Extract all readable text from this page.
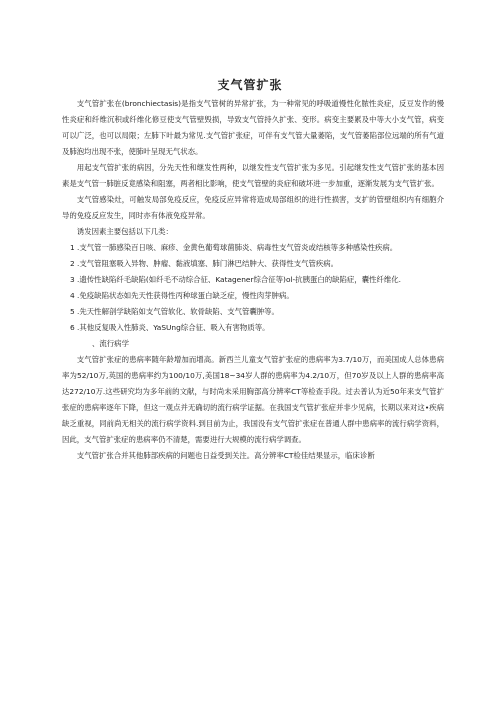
支气管扩张

支气管扩张在(bronchiectasis)是指支气管树的异常扩张，为一种常见的呼吸道慢性化脓性炎症，反豆发作的慢性炎症和纤维沉积或纤维化修豆使支气管壁毁损，导致支气管持久扩张、变形。病变主要累及中等大小支气管，病变可以广泛，也可以局限；左肺下叶最为常见.支气管扩张症，可伴有支气管大量萎陷，支气管萎陷部位远端的所有气道及肺泡均出现不张，使肺叶呈现无气状态。

用起支气管扩张的病因，分先天性和继发性两种，以继发性支气管扩张为多见。引起继发性支气管扩张的基本因素是支气管一肺脏反竟感染和阻塞，两者相比影响，使支气管壁的炎症和破坏进一步加重，逐渐发展为支气管扩张。

支气管感染灶，可触发局部免疫反应，免疫反应异常将造成局部组织的进行性损害，支扩的管壁组织内有细胞介导的免疫反应发生，同时亦有体液免疫异常。

诱发因素主要包括以下几类：

1 .支气管一肺感染百日咳、麻疹、金黄色葡萄球菌肺炎、病毒性支气管炎或结核等多种感染性疾病。

2 .支气管阻塞吸入异物、肿瘤、黏液填塞、肺门淋巴结肿大、获得性支气管疾病。

3 .遗传性缺陷纤毛缺陷(如纤毛不动综合征、Katagener综合征等)ol-抗胰蛋白的缺陷症，囊性纤维化.

4 .免疫缺陷状态如先天性获得性丙种球蛋白缺乏症，慢性肉芽肿病。

5 .先天性解剖学缺陷如支气管软化、软骨缺陷、支气管囊肿等。

6 .其他反复吸入性肺炎、YaSUng综合征、吸入有害物质等。

、流行病学

支气管扩张症的患病率随年龄增加而增高。新西兰儿童支气管扩张症的患病率为3.7/10万，而美国成人总体患病率为52/10万,英国的患病率约为100/10万,美国18~34岁人群的患病率为4.2/10万，但70岁及以上人群的患病率高达272/10万.这些研究均为多年前的文献，与时尚未采用胸部高分辨率CT等检查手段。过去普认为近50年来支气管扩张症的患病率逐年下降，但这一观点并无确切的流行病学证据。在我国支气管扩张症并非少见病，长期以来对这•疾病缺乏重视，同前尚无相关的流行病学资料.到目前为止，我国没有支气管扩张症在普通人群中患病率的流行病学资料，因此，支气管扩张症的患病率仍不清楚，需要进行大规模的流行病学调查。

支气管扩张合并其他肺部疾病的问题也日益受到关注。高分辨率CT检佳结果显示，临床诊断
